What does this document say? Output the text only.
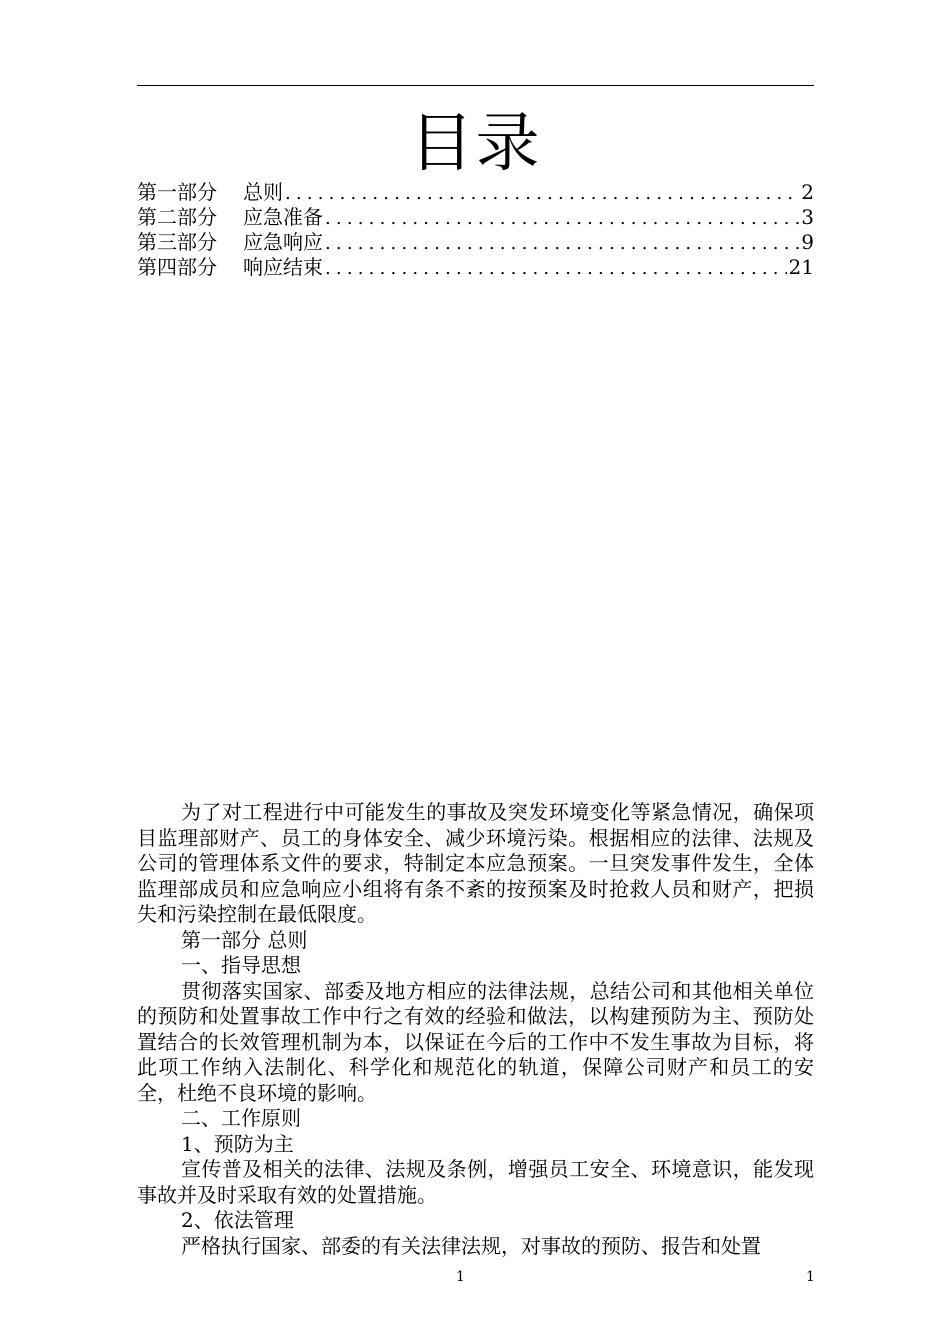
目录
第一部分 总则 .....	2
第二部分 应急准备 .....	3
第三部分 应急响应 .....	9
第四部分 响应结束 .....	21

为了对工程进行中可能发生的事故及突发环境变化等紧急情况，确保项目监理部财产、员工的身体安全、减少环境污染。根据相应的法律、法规及公司的管理体系文件的要求，特制定本应急预案。一旦突发事件发生，全体监理部成员和应急响应小组将有条不紊的按预案及时抢救人员和财产，把损失和污染控制在最低限度。

第一部分 总则

一、指导思想

贯彻落实国家、部委及地方相应的法律法规，总结公司和其他相关单位的预防和处置事故工作中行之有效的经验和做法，以构建预防为主、预防处置结合的长效管理机制为本，以保证在今后的工作中不发生事故为目标，将此项工作纳入法制化、科学化和规范化的轨道，保障公司财产和员工的安全，杜绝不良环境的影响。

二、工作原则

1、预防为主

宣传普及相关的法律、法规及条例，增强员工安全、环境意识，能发现事故并及时采取有效的处置措施。

2、依法管理

严格执行国家、部委的有关法律法规，对事故的预防、报告和处置

1	1
